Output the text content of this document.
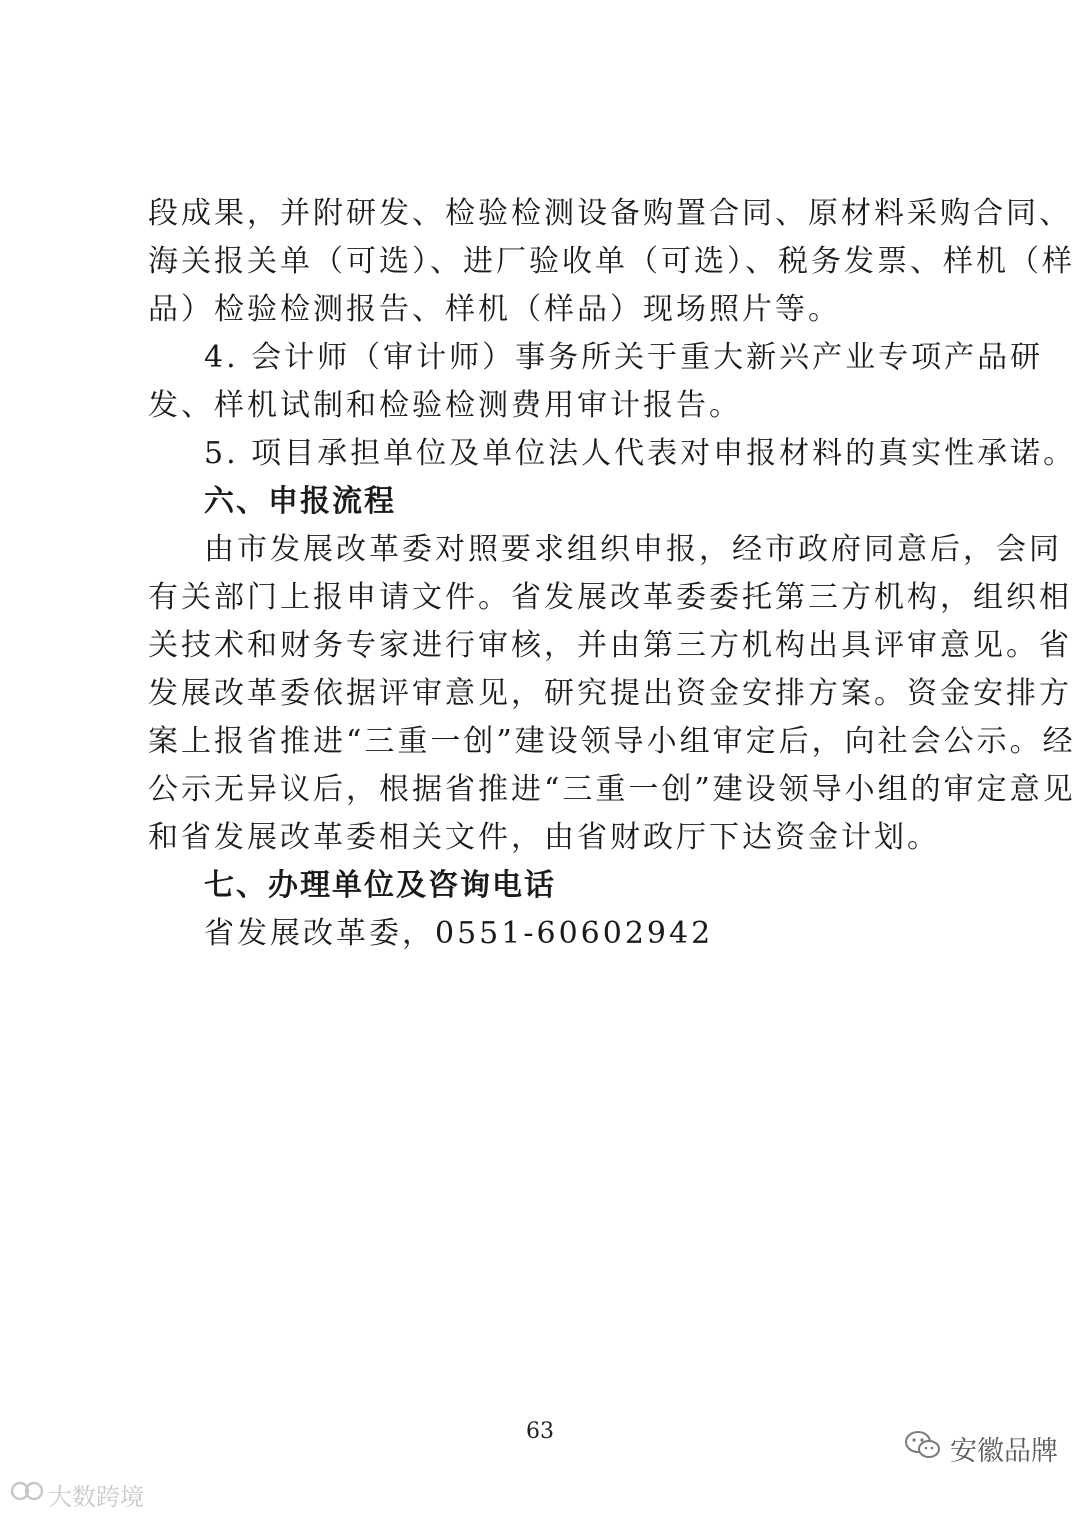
段成果，并附研发、检验检测设备购置合同、原材料采购合同、
海关报关单（可选）、进厂验收单（可选）、税务发票、样机（样
品）检验检测报告、样机（样品）现场照片等。
4. 会计师（审计师）事务所关于重大新兴产业专项产品研
发、样机试制和检验检测费用审计报告。
5. 项目承担单位及单位法人代表对申报材料的真实性承诺。
六、申报流程
由市发展改革委对照要求组织申报，经市政府同意后，会同
有关部门上报申请文件。省发展改革委委托第三方机构，组织相
关技术和财务专家进行审核，并由第三方机构出具评审意见。省
发展改革委依据评审意见，研究提出资金安排方案。资金安排方
案上报省推进“三重一创”建设领导小组审定后，向社会公示。经
公示无异议后，根据省推进“三重一创”建设领导小组的审定意见
和省发展改革委相关文件，由省财政厅下达资金计划。
七、办理单位及咨询电话
省发展改革委，0551-60602942
63
大数跨境
安徽品牌
